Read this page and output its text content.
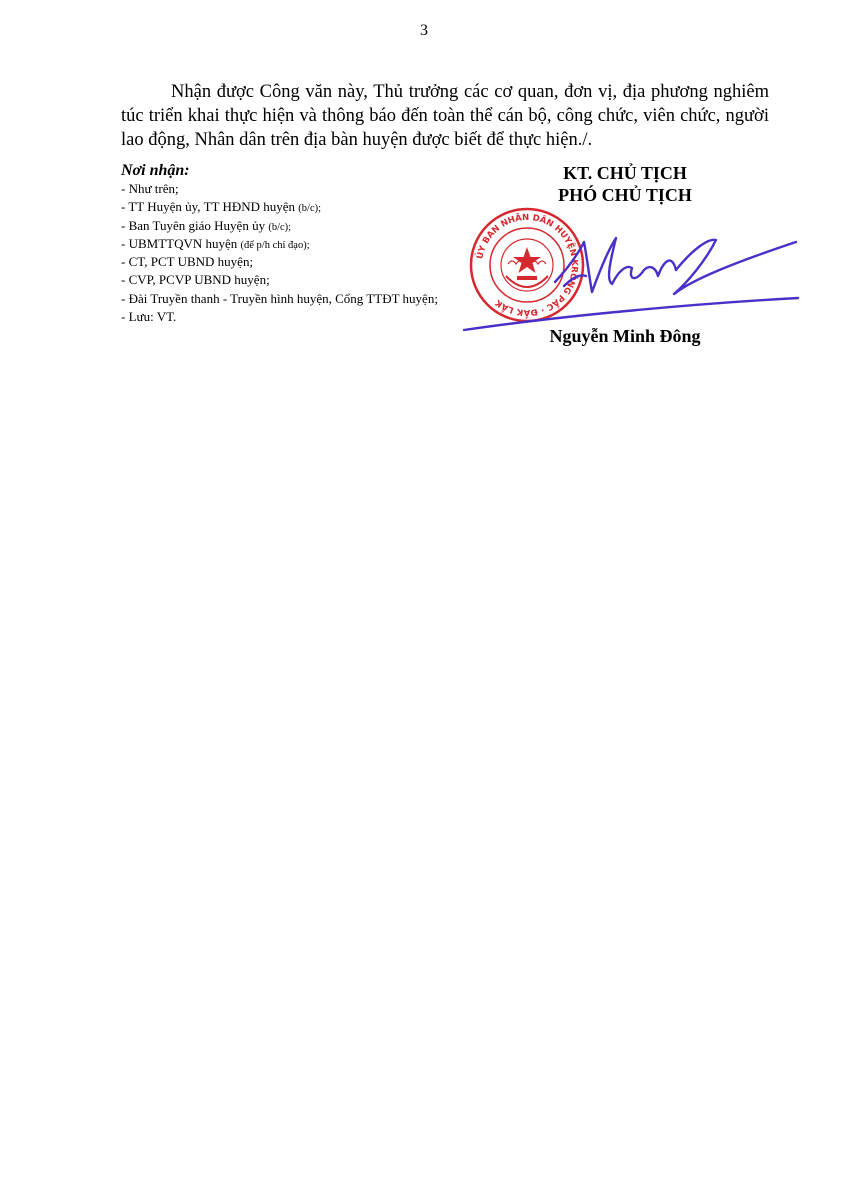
3

Nhận được Công văn này, Thủ trưởng các cơ quan, đơn vị, địa phương nghiêm túc triển khai thực hiện và thông báo đến toàn thể cán bộ, công chức, viên chức, người lao động, Nhân dân trên địa bàn huyện được biết để thực hiện./.

Nơi nhận:
- Như trên;
- TT Huyện ủy, TT HĐND huyện (b/c);
- Ban Tuyên giáo Huyện ủy (b/c);
- UBMTTQVN huyện (để p/h chỉ đạo);
- CT, PCT UBND huyện;
- CVP, PCVP UBND huyện;
- Đài Truyền thanh - Truyền hình huyện, Cổng TTĐT huyện;
- Lưu: VT.
KT. CHỦ TỊCH
PHÓ CHỦ TỊCH
ỦY BAN NHÂN DÂN HUYỆN KRÔNG PẮC · ĐẮK LẮK
Nguyễn Minh Đông
